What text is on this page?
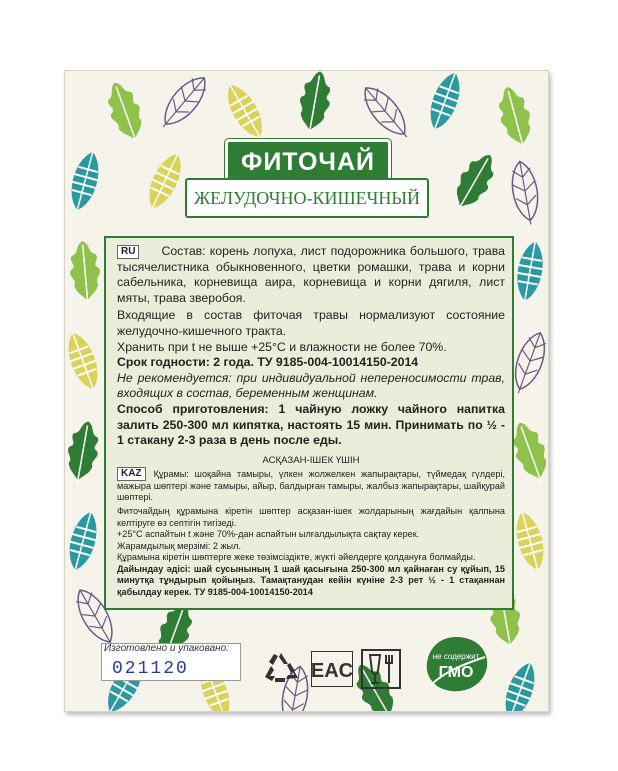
ФИТОЧАЙ
ЖЕЛУДОЧНО-КИШЕЧНЫЙ

RU Состав: корень лопуха, лист подорожника большого, трава тысячелистника обыкновенного, цветки ромашки, трава и корни сабельника, корневища аира, корневища и корни дягиля, лист мяты, трава зверобоя.

Входящие в состав фиточая травы нормализуют состояние желудочно-кишечного тракта.

Хранить при t не выше +25°С и влажности не более 70%.

Срок годности: 2 года. ТУ 9185-004-10014150-2014

Не рекомендуется: при индивидуальной непереносимости трав, входящих в состав, беременным женщинам.

Способ приготовления: 1 чайную ложку чайного напитка залить 250-300 мл кипятка, настоять 15 мин. Принимать по ½ - 1 стакану 2-3 раза в день после еды.

АСҚАЗАН-ІШЕК ҮШІН

KAZ Құрамы: шоқайна тамыры, үлкен жолжелкен жапырақтары, түймедақ гүлдері, мажыра шөптері және тамыры, айыр, балдырған тамыры, жалбыз жапырақтары, шайқурай шөптері.

Фиточайдың құрамына кіретін шөптер асқазан-ішек жолдарының жағдайын қалпына келтіруге өз септігін тигізеді.

+25°С аспайтын t және 70%-дан аспайтын ылғалдылықта сақтау керек.

Жарамдылық мерзімі: 2 жыл.

Құрамына кіретін шөптерге жеке төзімсіздікте, жүкті әйелдерге қолдануға болмайды.

Дайындау әдісі: шай сусынының 1 шай қасығына 250-300 мл қайнаған су құйып, 15 минутқа тұндырып қойыңыз. Тамақтанудан кейін күніне 2-3 рет ½ - 1 стақаннан қабылдау керек. ТУ 9185-004-10014150-2014

Изготовлено и упаковано:
021120	EAC
не содержит
ГМО
